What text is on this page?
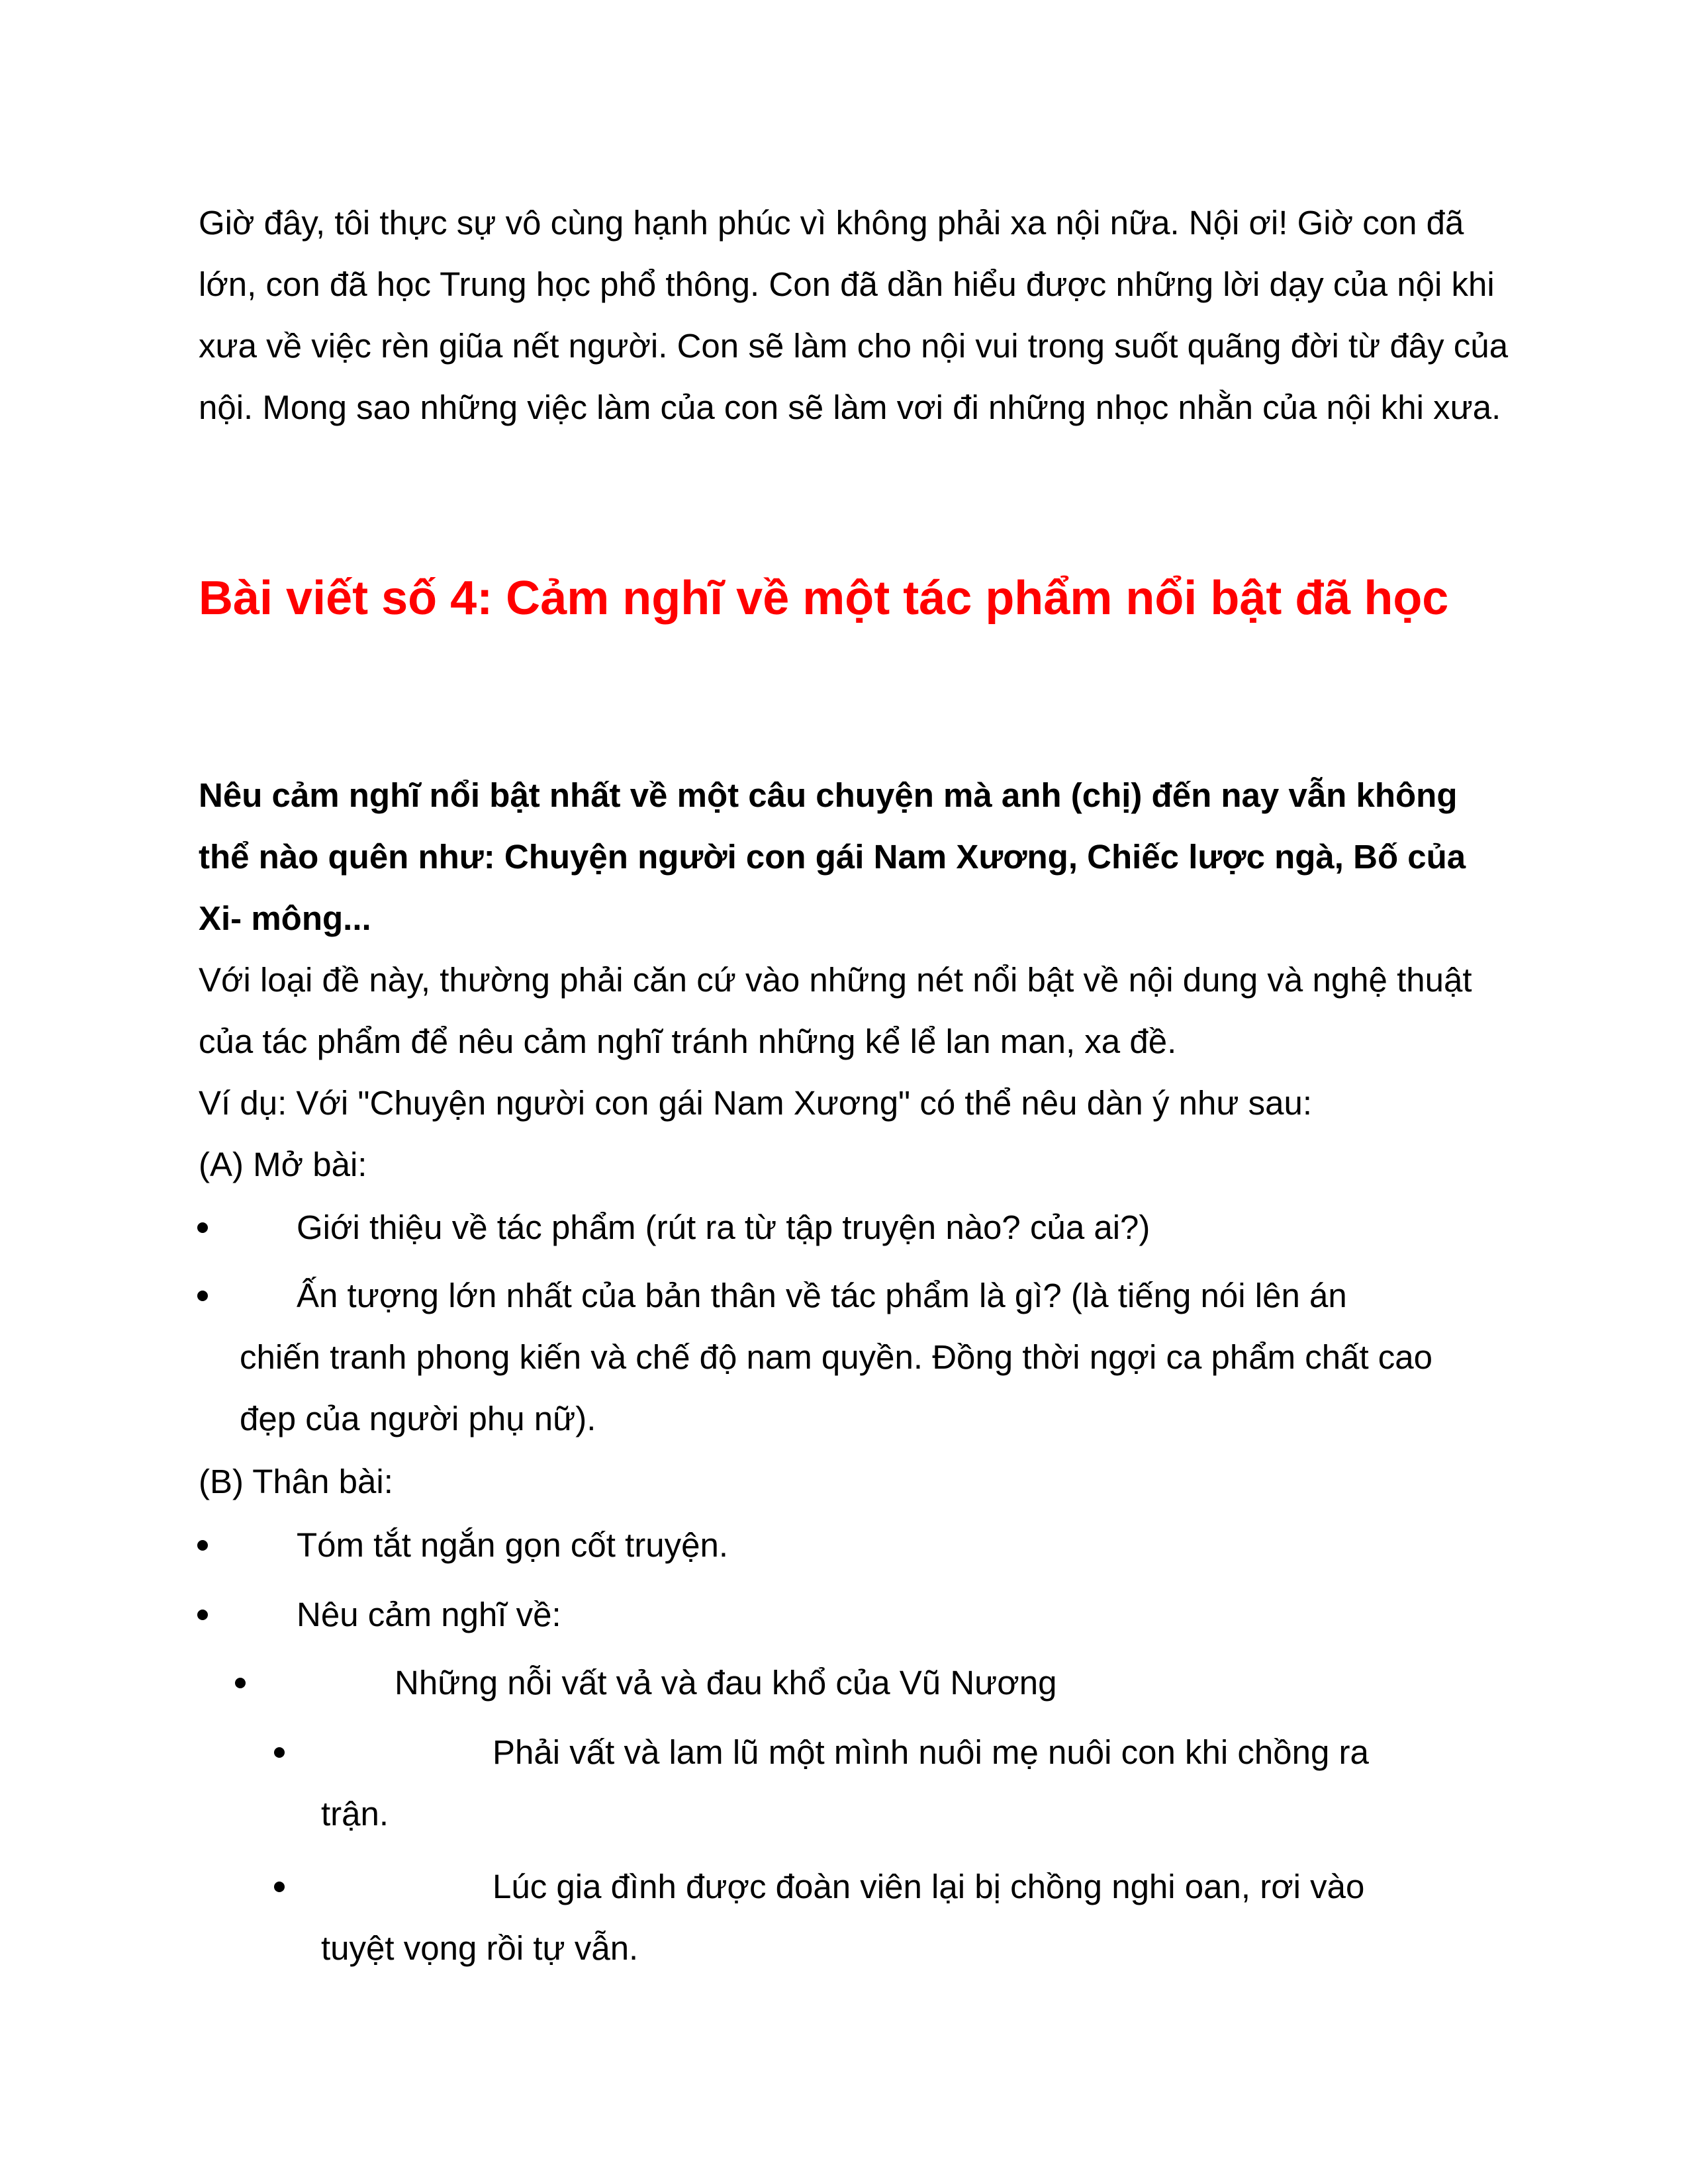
Giờ đây, tôi thực sự vô cùng hạnh phúc vì không phải xa nội nữa. Nội ơi! Giờ con đã lớn, con đã học Trung học phổ thông. Con đã dần hiểu được những lời dạy của nội khi xưa về việc rèn giũa nết người. Con sẽ làm cho nội vui trong suốt quãng đời từ đây của nội. Mong sao những việc làm của con sẽ làm vơi đi những nhọc nhằn của nội khi xưa.

Bài viết số 4: Cảm nghĩ về một tác phẩm nổi bật đã học

Nêu cảm nghĩ nổi bật nhất về một câu chuyện mà anh (chị) đến nay vẫn không thể nào quên như: Chuyện người con gái Nam Xương, Chiếc lược ngà, Bố của Xi- mông...

Với loại đề này, thường phải căn cứ vào những nét nổi bật về nội dung và nghệ thuật của tác phẩm để nêu cảm nghĩ tránh những kể lể lan man, xa đề.

Ví dụ: Với "Chuyện người con gái Nam Xương" có thể nêu dàn ý như sau:

(A) Mở bài:

Giới thiệu về tác phẩm (rút ra từ tập truyện nào? của ai?)

Ấn tượng lớn nhất của bản thân về tác phẩm là gì? (là tiếng nói lên án

chiến tranh phong kiến và chế độ nam quyền. Đồng thời ngợi ca phẩm chất cao đẹp của người phụ nữ).

(B) Thân bài:

Tóm tắt ngắn gọn cốt truyện.

Nêu cảm nghĩ về:

Những nỗi vất vả và đau khổ của Vũ Nương

Phải vất và lam lũ một mình nuôi mẹ nuôi con khi chồng ra

trận.

Lúc gia đình được đoàn viên lại bị chồng nghi oan, rơi vào

tuyệt vọng rồi tự vẫn.
